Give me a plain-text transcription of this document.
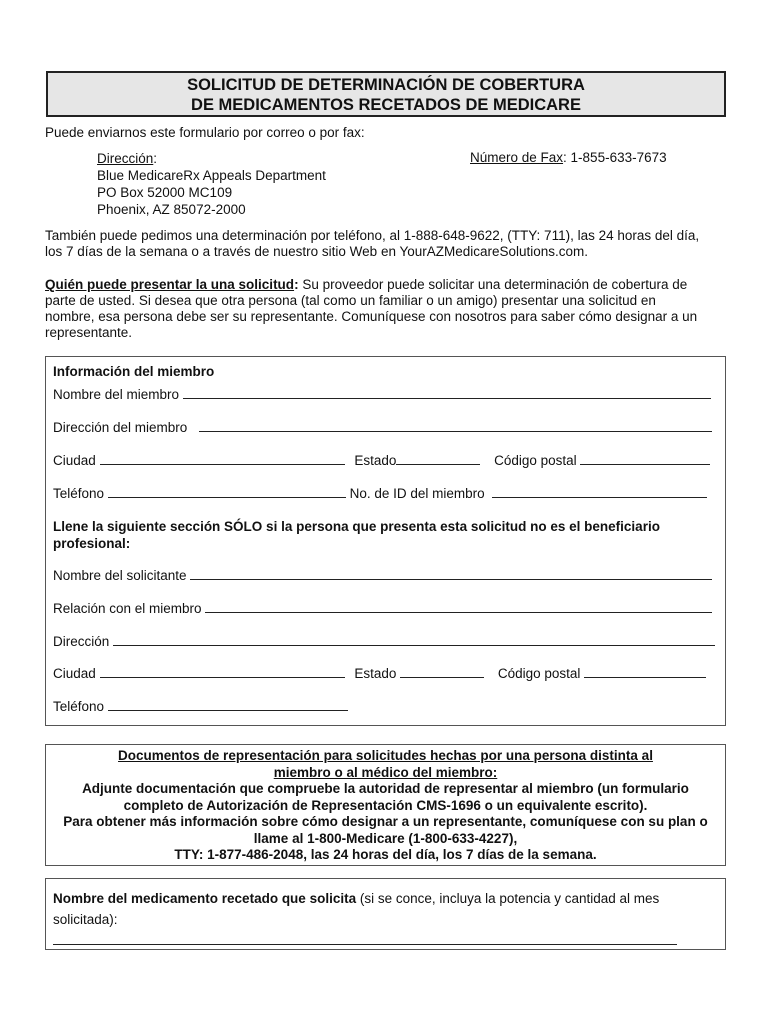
SOLICITUD DE DETERMINACIÓN DE COBERTURA
DE MEDICAMENTOS RECETADOS DE MEDICARE
Puede enviarnos este formulario por correo o por fax:
Dirección:
Blue MedicareRx Appeals Department
PO Box 52000 MC109
Phoenix, AZ 85072-2000
Número de Fax: 1-855-633-7673
También puede pedimos una determinación por teléfono, al 1-888-648-9622, (TTY: 711), las 24 horas del día,
los 7 días de la semana o a través de nuestro sitio Web en YourAZMedicareSolutions.com.
Quién puede presentar la una solicitud: Su proveedor puede solicitar una determinación de cobertura de
parte de usted. Si desea que otra persona (tal como un familiar o un amigo) presentar una solicitud en
nombre, esa persona debe ser su representante. Comuníquese con nosotros para saber cómo designar a un
representante.
Información del miembro
Nombre del miembro
Dirección del miembro
Ciudad	Estado	Código postal
Teléfono	No. de ID del miembro
Llene la siguiente sección SÓLO si la persona que presenta esta solicitud no es el beneficiario
profesional:
Nombre del solicitante
Relación con el miembro
Dirección
Ciudad	Estado	Código postal
Teléfono
Documentos de representación para solicitudes hechas por una persona distinta al
miembro o al médico del miembro:
Adjunte documentación que compruebe la autoridad de representar al miembro (un formulario
completo de Autorización de Representación CMS-1696 o un equivalente escrito).
Para obtener más información sobre cómo designar a un representante, comuníquese con su plan o
llame al 1-800-Medicare (1-800-633-4227),
TTY: 1-877-486-2048, las 24 horas del día, los 7 días de la semana.
Nombre del medicamento recetado que solicita (si se conce, incluya la potencia y cantidad al mes
solicitada):
